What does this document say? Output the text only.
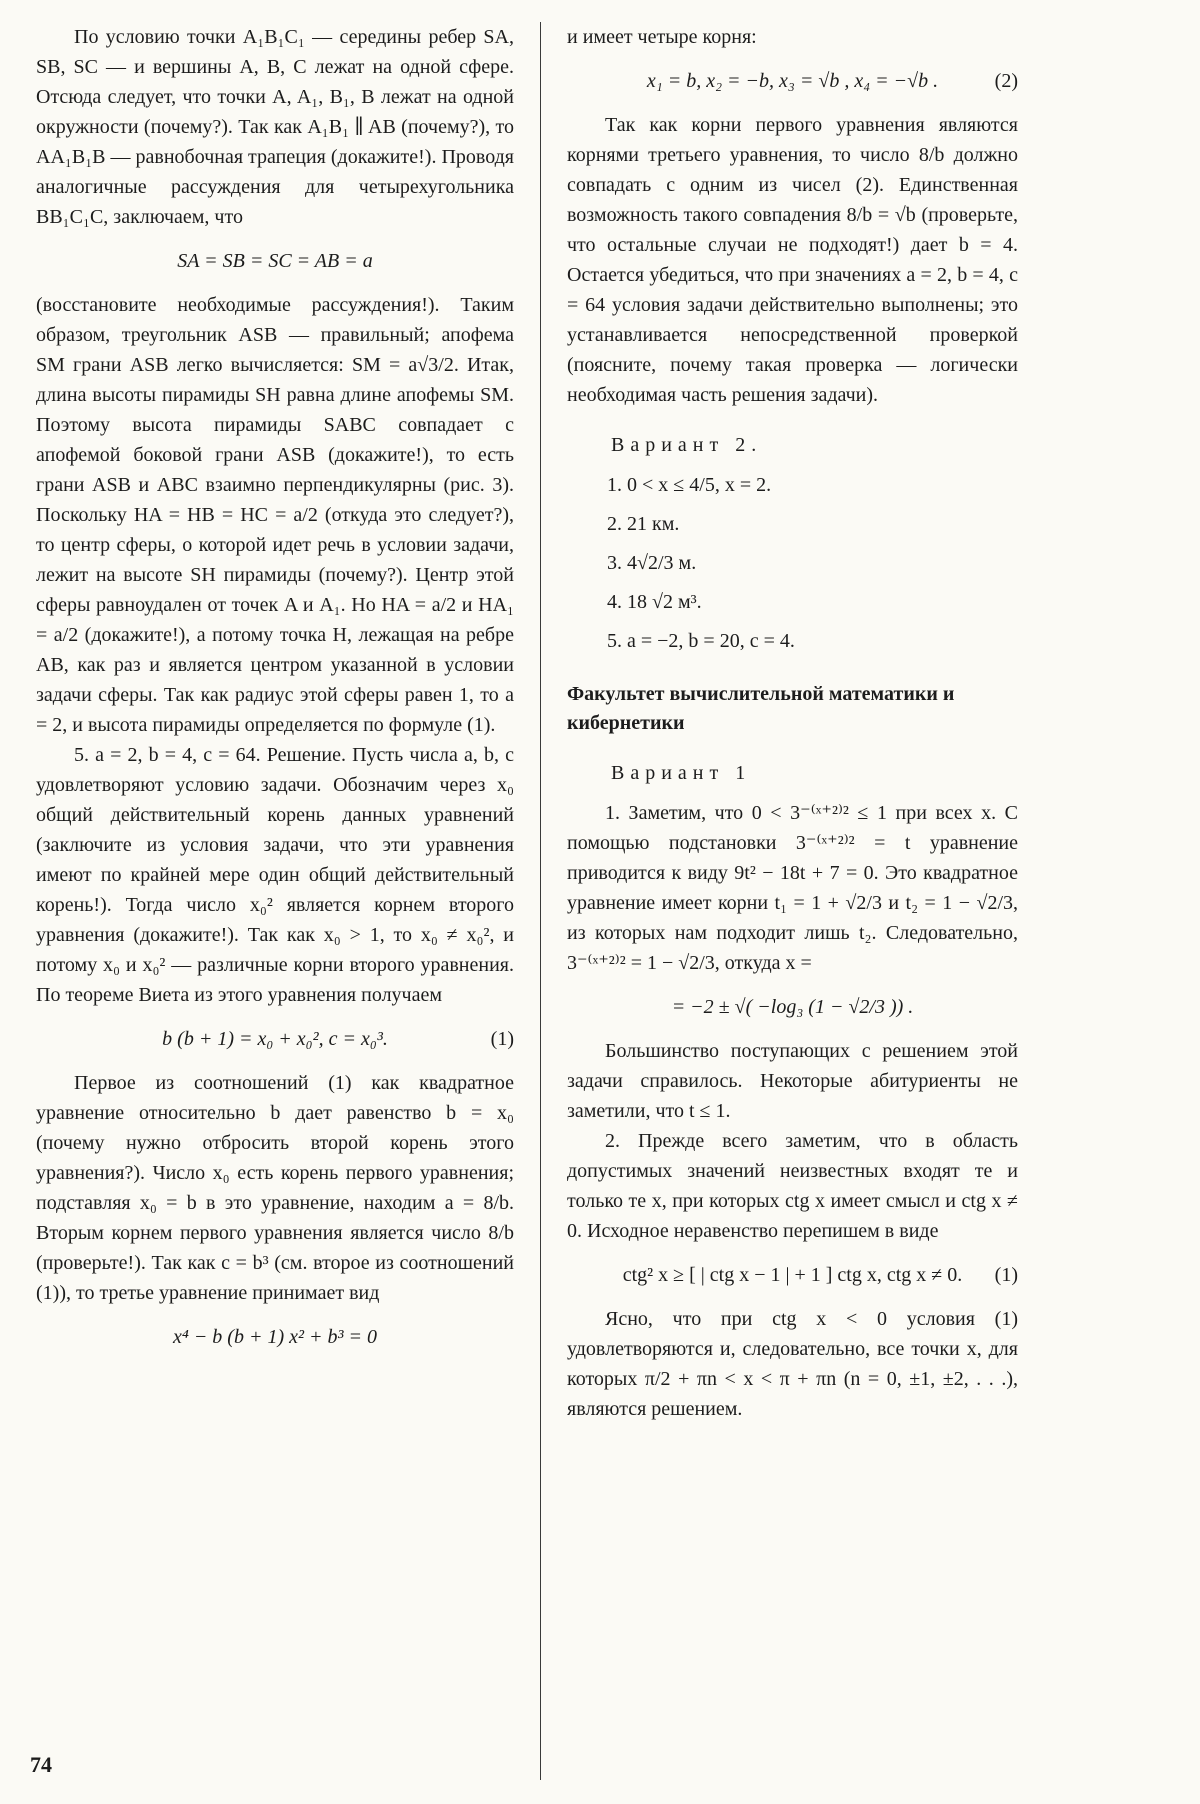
По условию точки A₁B₁C₁ — середины ребер SA, SB, SC — и вершины A, B, C лежат на одной сфере. Отсюда следует, что точки A, A₁, B₁, B лежат на одной окружности (почему?). Так как A₁B₁ ∥ AB (почему?), то AA₁B₁B — равнобочная трапеция (докажите!). Проводя аналогичные рассуждения для четырехугольника BB₁C₁C, заключаем, что

SA = SB = SC = AB = a

(восстановите необходимые рассуждения!). Таким образом, треугольник ASB — правильный; апофема SM грани ASB легко вычисляется: SM = a√3/2. Итак, длина высоты пирамиды SH равна длине апофемы SM. Поэтому высота пирамиды SABC совпадает с апофемой боковой грани ASB (докажите!), то есть грани ASB и ABC взаимно перпендикулярны (рис. 3). Поскольку HA = HB = HC = a/2 (откуда это следует?), то центр сферы, о которой идет речь в условии задачи, лежит на высоте SH пирамиды (почему?). Центр этой сферы равноудален от точек A и A₁. Но HA = a/2 и HA₁ = a/2 (докажите!), а потому точка H, лежащая на ребре AB, как раз и является центром указанной в условии задачи сферы. Так как радиус этой сферы равен 1, то a = 2, и высота пирамиды определяется по формуле (1).

5. a = 2, b = 4, c = 64. Решение. Пусть числа a, b, c удовлетворяют условию задачи. Обозначим через x₀ общий действительный корень данных уравнений (заключите из условия задачи, что эти уравнения имеют по крайней мере один общий действительный корень!). Тогда число x₀² является корнем второго уравнения (докажите!). Так как x₀ > 1, то x₀ ≠ x₀², и потому x₀ и x₀² — различные корни второго уравнения. По теореме Виета из этого уравнения получаем

b (b + 1) = x₀ + x₀², c = x₀³.	(1)

Первое из соотношений (1) как квадратное уравнение относительно b дает равенство b = x₀ (почему нужно отбросить второй корень этого уравнения?). Число x₀ есть корень первого уравнения; подставляя x₀ = b в это уравнение, находим a = 8/b. Вторым корнем первого уравнения является число 8/b (проверьте!). Так как c = b³ (см. второе из соотношений (1)), то третье уравнение принимает вид

x⁴ − b (b + 1) x² + b³ = 0

и имеет четыре корня:

x₁ = b, x₂ = −b, x₃ = √b , x₄ = −√b .	(2)

Так как корни первого уравнения являются корнями третьего уравнения, то число 8/b должно совпадать с одним из чисел (2). Единственная возможность такого совпадения 8/b = √b (проверьте, что остальные случаи не подходят!) дает b = 4. Остается убедиться, что при значениях a = 2, b = 4, c = 64 условия задачи действительно выполнены; это устанавливается непосредственной проверкой (поясните, почему такая проверка — логически необходимая часть решения задачи).

Вариант 2.
1. 0 < x ≤ 4/5, x = 2.
2. 21 км.
3. 4√2/3 м.
4. 18 √2 м³.
5. a = −2, b = 20, c = 4.
Факультет вычислительной математики и кибернетики
Вариант 1

1. Заметим, что 0 < 3⁻⁽ˣ⁺²⁾² ≤ 1 при всех x. С помощью подстановки 3⁻⁽ˣ⁺²⁾² = t уравнение приводится к виду 9t² − 18t + 7 = 0. Это квадратное уравнение имеет корни t₁ = 1 + √2/3 и t₂ = 1 − √2/3, из которых нам подходит лишь t₂. Следовательно, 3⁻⁽ˣ⁺²⁾² = 1 − √2/3, откуда x =

= −2 ± √( −log₃ (1 − √2/3 )) .

Большинство поступающих с решением этой задачи справилось. Некоторые абитуриенты не заметили, что t ≤ 1.

2. Прежде всего заметим, что в область допустимых значений неизвестных входят те и только те x, при которых ctg x имеет смысл и ctg x ≠ 0. Исходное неравенство перепишем в виде

ctg² x ≥ [ | ctg x − 1 | + 1 ] ctg x, ctg x ≠ 0. (1)

Ясно, что при ctg x < 0 условия (1) удовлетворяются и, следовательно, все точки x, для которых π/2 + πn < x < π + πn (n = 0, ±1, ±2, . . .), являются решением.

74
